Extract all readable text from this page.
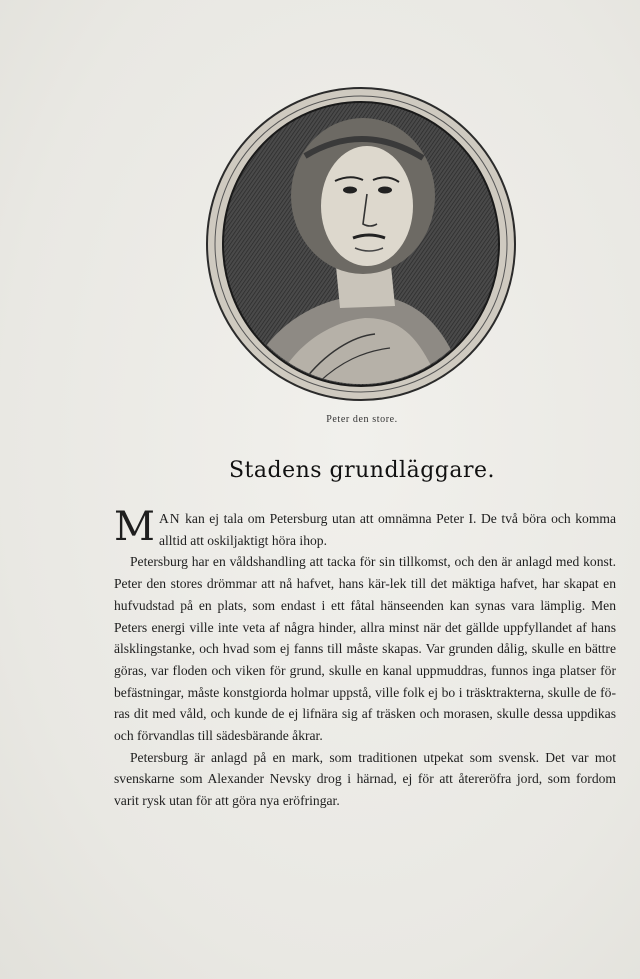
Peter den store.
Stadens grundläggare.

MAN kan ej tala om Petersburg utan att omnämna Peter I. De två böra och komma alltid att oskiljaktigt höra ihop.

Petersburg har en våldshandling att tacka för sin tillkomst, och den är anlagd med konst. Peter den stores drömmar att nå hafvet, hans kär-lek till det mäktiga hafvet, har skapat en hufvudstad på en plats, som endast i ett fåtal hänseenden kan synas vara lämplig. Men Peters energi ville inte veta af några hinder, allra minst när det gällde uppfyllandet af hans älsklingstanke, och hvad som ej fanns till måste skapas. Var grunden dålig, skulle en bättre göras, var floden och viken för grund, skulle en kanal uppmuddras, funnos inga platser för befästningar, måste konstgiorda holmar uppstå, ville folk ej bo i träsktrakterna, skulle de fö-ras dit med våld, och kunde de ej lifnära sig af träsken och morasen, skulle dessa uppdikas och förvandlas till sädesbärande åkrar.

Petersburg är anlagd på en mark, som traditionen utpekat som svensk. Det var mot svenskarne som Alexander Nevsky drog i härnad, ej för att återeröfra jord, som fordom varit rysk utan för att göra nya eröfringar.
